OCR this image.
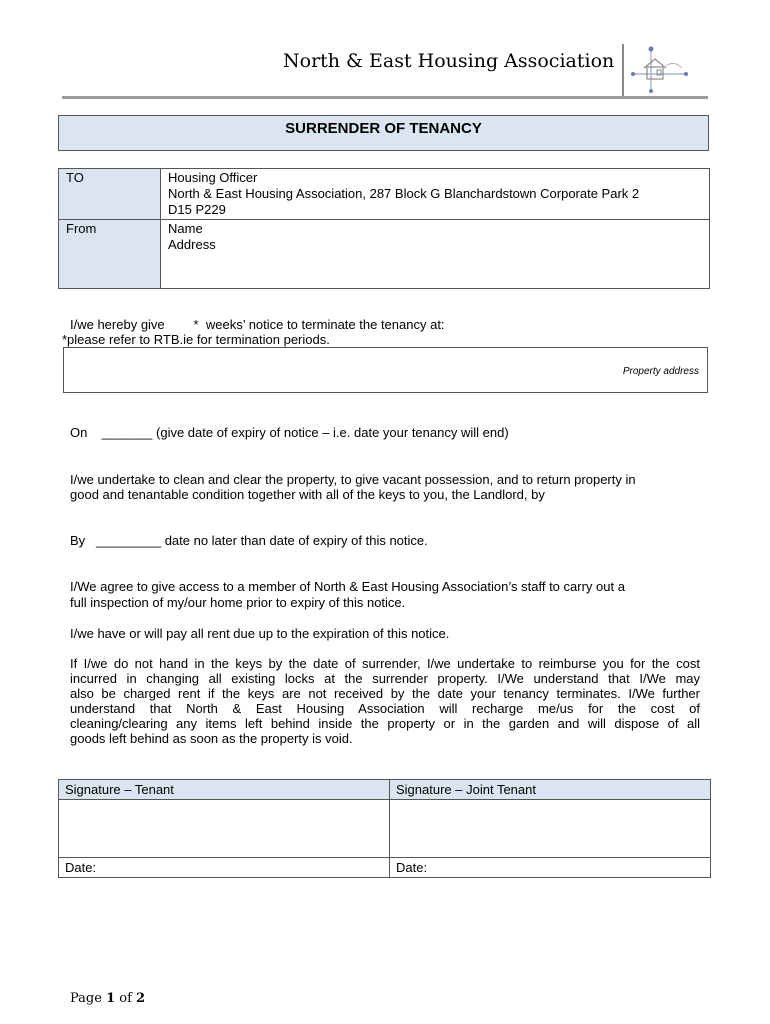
North & East Housing Association
SURRENDER OF TENANCY
TO	Housing Officer
North & East Housing Association, 287 Block G Blanchardstown Corporate Park 2
D15 P229

From	Name
Address

I/we hereby give        *  weeks’ notice to terminate the tenancy at:

*please refer to RTB.ie for termination periods.

Property address

On    _______ (give date of expiry of notice – i.e. date your tenancy will end)

I/we undertake to clean and clear the property, to give vacant possession, and to return property in

good and tenantable condition together with all of the keys to you, the Landlord, by

By   _________ date no later than date of expiry of this notice.

I/We agree to give access to a member of North & East Housing Association’s staff to carry out a

full inspection of my/our home prior to expiry of this notice.

I/we have or will pay all rent due up to the expiration of this notice.

If I/we do not hand in the keys by the date of surrender, I/we undertake to reimburse you for the cost

incurred in changing all existing locks at the surrender property. I/We understand that I/We may

also be charged rent if the keys are not received by the date your tenancy terminates. I/We further

understand that North & East Housing Association will recharge me/us for the cost of

cleaning/clearing any items left behind inside the property or in the garden and will dispose of all

goods left behind as soon as the property is void.

Signature – Tenant	Signature – Joint Tenant

Date:	Date:
Page 1 of 2
